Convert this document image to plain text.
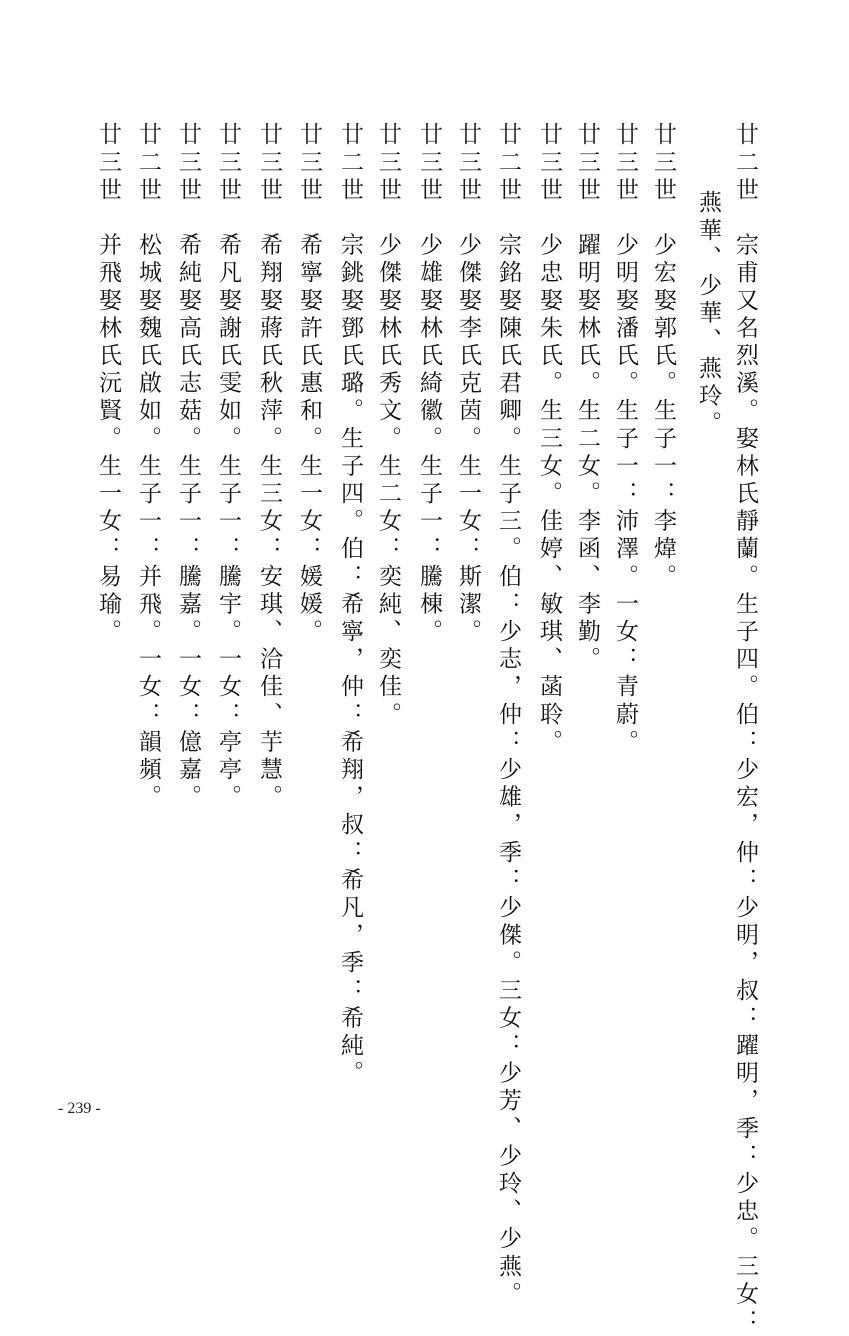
廿二世　宗甫又名烈溪。娶林氏靜蘭。生子四。伯：少宏，仲：少明，叔：躍明，季：少忠。三女：
燕華、少華、燕玲。
廿三世　少宏娶郭氏。生子一：李煒。
廿三世　少明娶潘氏。生子一：沛澤。一女：青蔚。
廿三世　躍明娶林氏。生二女。李函、李勤。
廿三世　少忠娶朱氏。生三女。佳婷、敏琪、菡聆。
廿二世　宗銘娶陳氏君卿。生子三。伯：少志，仲：少雄，季：少傑。三女：少芳、少玲、少燕。
廿三世　少傑娶李氏克茵。生一女：斯潔。
廿三世　少雄娶林氏綺徽。生子一：騰棟。
廿三世　少傑娶林氏秀文。生二女：奕純、奕佳。
廿二世　宗銚娶鄧氏璐。生子四。伯：希寧，仲：希翔，叔：希凡，季：希純。
廿三世　希寧娶許氏惠和。生一女：媛媛。
廿三世　希翔娶蔣氏秋萍。生三女：安琪、洽佳、芋慧。
廿三世　希凡娶謝氏雯如。生子一：騰宇。一女：亭亭。
廿三世　希純娶高氏志菇。生子一：騰嘉。一女：億嘉。
廿二世　松城娶魏氏啟如。生子一：并飛。一女：韻頻。
廿三世　并飛娶林氏沅賢。生一女：易瑜。
- 239 -
